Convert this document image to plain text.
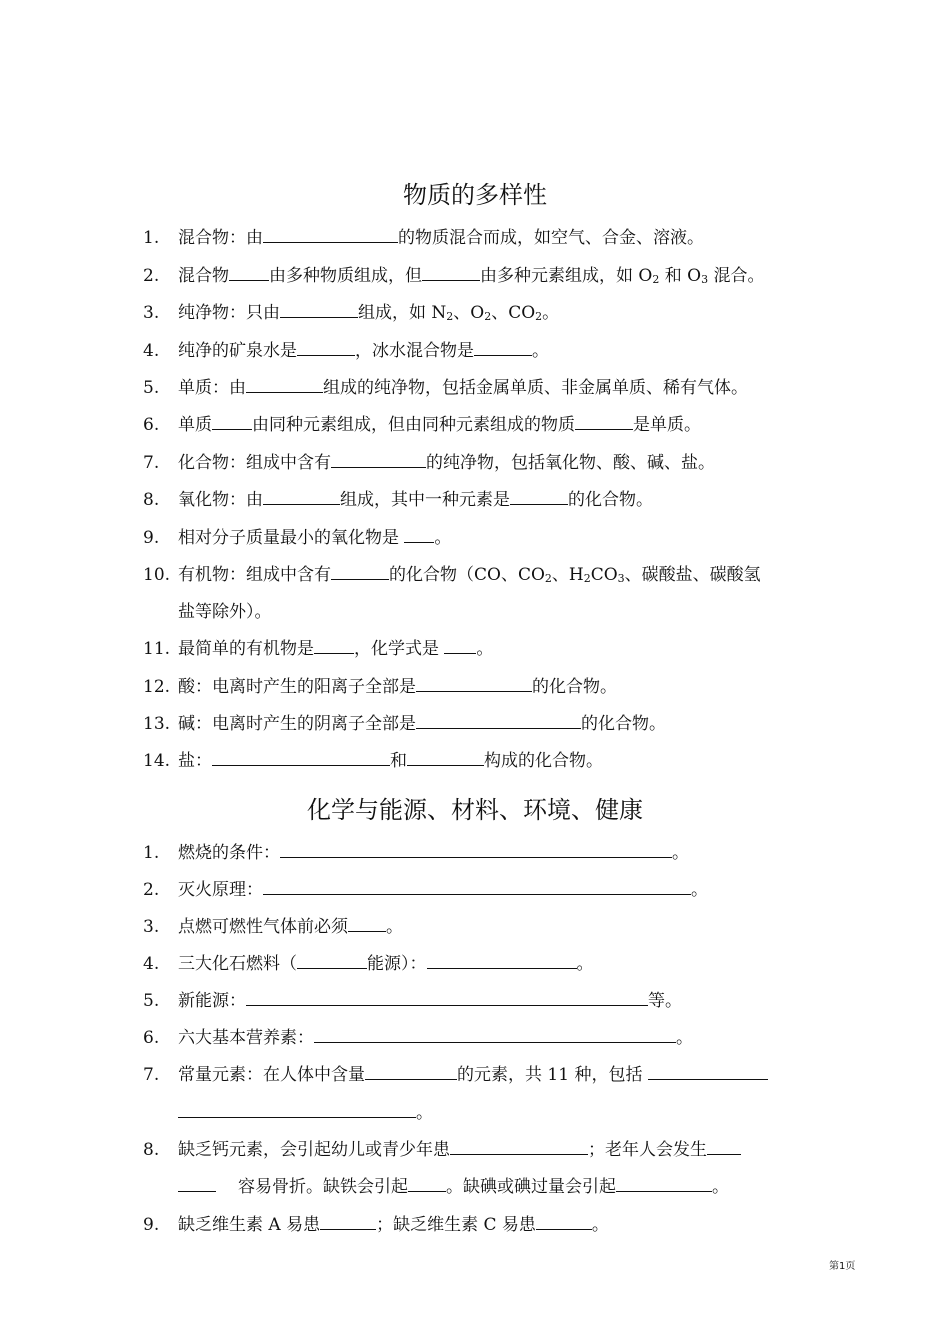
物质的多样性
1. 混合物：由	的物质混合而成，如空气、合金、溶液。
2. 混合物 由多种物质组成，但	由多种元素组成，如 $O_2$ 和 $O_3$ 混合。
3. 纯净物：只由	组成，如 $N_2$、$O_2$、$CO_2$。
4. 纯净的矿泉水是	，冰水混合物是	。
5. 单质：由	组成的纯净物，包括金属单质、非金属单质、稀有气体。
6. 单质 由同种元素组成，但由同种元素组成的物质	是单质。
7. 化合物：组成中含有	的纯净物，包括氧化物、酸、碱、盐。
8. 氧化物：由	组成，其中一种元素是	的化合物。
9. 相对分子质量最小的氧化物是 。
10. 有机物：组成中含有	的化合物（CO、$CO_2$、$H_2CO_3$、碳酸盐、碳酸氢
盐等除外）。
11. 最简单的有机物是 ，化学式是 。
12. 酸：电离时产生的阳离子全部是	的化合物。
13. 碱：电离时产生的阴离子全部是	的化合物。
14. 盐：	和	构成的化合物。
化学与能源、材料、环境、健康
1. 燃烧的条件：	。
2. 灭火原理：	。
3. 点燃可燃性气体前必须 。
4. 三大化石燃料（	能源）：	。
5. 新能源：	等。
6. 六大基本营养素：	。
7. 常量元素：在人体中含量	的元素，共 11 种，包括
。
8. 缺乏钙元素，会引起幼儿或青少年患	；老年人会发生
容易骨折。缺铁会引起 。缺碘或碘过量会引起	。
9. 缺乏维生素 A 易患	；缺乏维生素 C 易患	。
第1页
